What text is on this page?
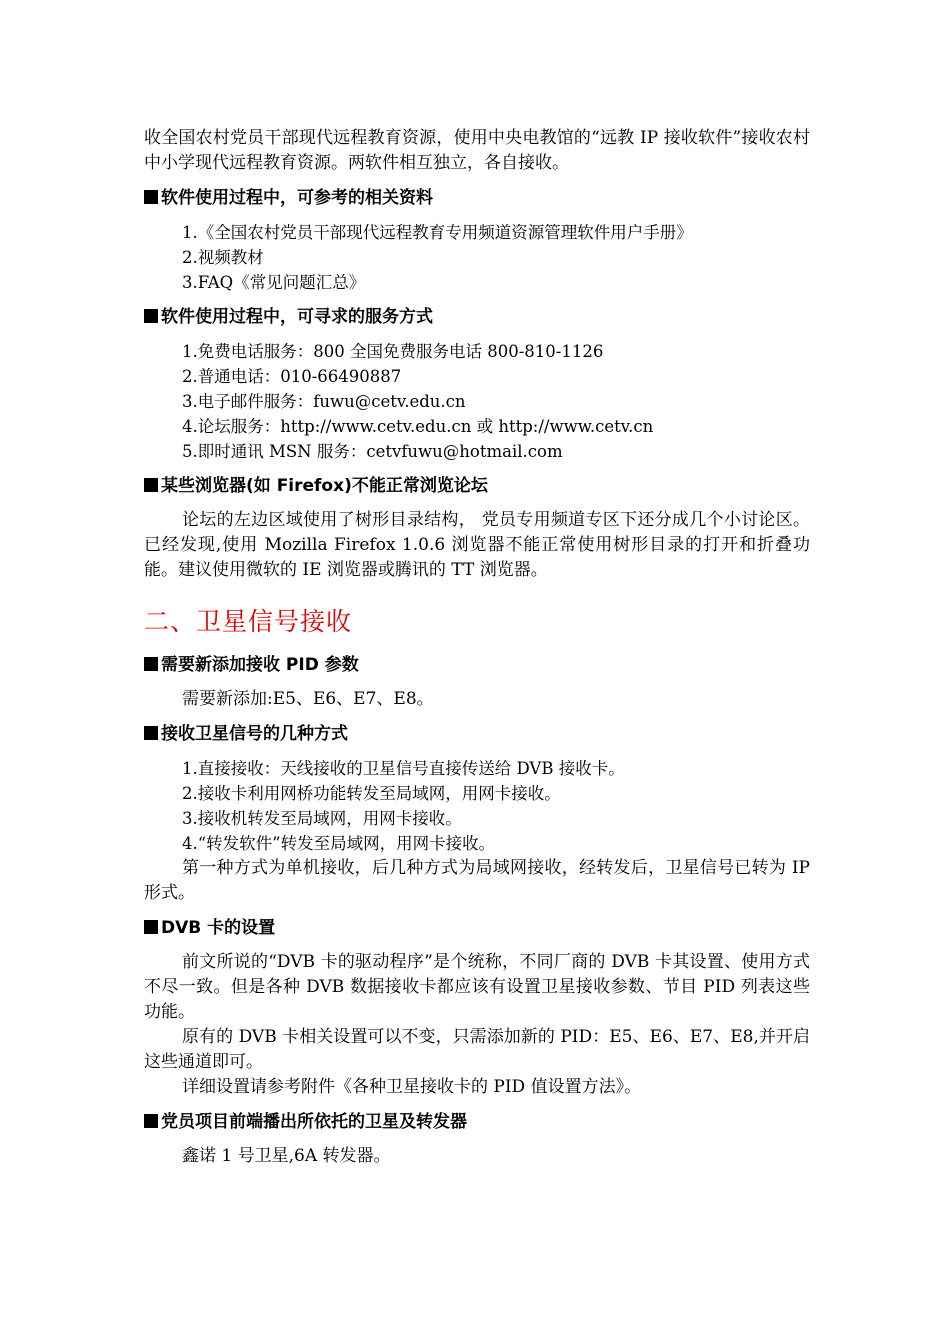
收全国农村党员干部现代远程教育资源，使用中央电教馆的“远教 IP 接收软件”接收农村中小学现代远程教育资源。两软件相互独立，各自接收。

软件使用过程中，可参考的相关资料

1.《全国农村党员干部现代远程教育专用频道资源管理软件用户手册》

2.视频教材

3.FAQ《常见问题汇总》

软件使用过程中，可寻求的服务方式

1.免费电话服务：800 全国免费服务电话 800-810-1126

2.普通电话：010-66490887

3.电子邮件服务：fuwu@cetv.edu.cn

4.论坛服务：http://www.cetv.edu.cn 或 http://www.cetv.cn

5.即时通讯 MSN 服务：cetvfuwu@hotmail.com

某些浏览器(如 Firefox)不能正常浏览论坛

论坛的左边区域使用了树形目录结构， 党员专用频道专区下还分成几个小讨论区。已经发现,使用 Mozilla Firefox 1.0.6 浏览器不能正常使用树形目录的打开和折叠功能。建议使用微软的 IE 浏览器或腾讯的 TT 浏览器。

二、卫星信号接收
需要新添加接收 PID 参数

需要新添加:E5、E6、E7、E8。

接收卫星信号的几种方式

1.直接接收：天线接收的卫星信号直接传送给 DVB 接收卡。

2.接收卡利用网桥功能转发至局域网，用网卡接收。

3.接收机转发至局域网，用网卡接收。

4.“转发软件”转发至局域网，用网卡接收。

第一种方式为单机接收，后几种方式为局域网接收，经转发后，卫星信号已转为 IP 形式。

DVB 卡的设置

前文所说的“DVB 卡的驱动程序”是个统称，不同厂商的 DVB 卡其设置、使用方式不尽一致。但是各种 DVB 数据接收卡都应该有设置卫星接收参数、节目 PID 列表这些功能。

原有的 DVB 卡相关设置可以不变，只需添加新的 PID：E5、E6、E7、E8,并开启这些通道即可。

详细设置请参考附件《各种卫星接收卡的 PID 值设置方法》。

党员项目前端播出所依托的卫星及转发器

鑫诺 1 号卫星,6A 转发器。
